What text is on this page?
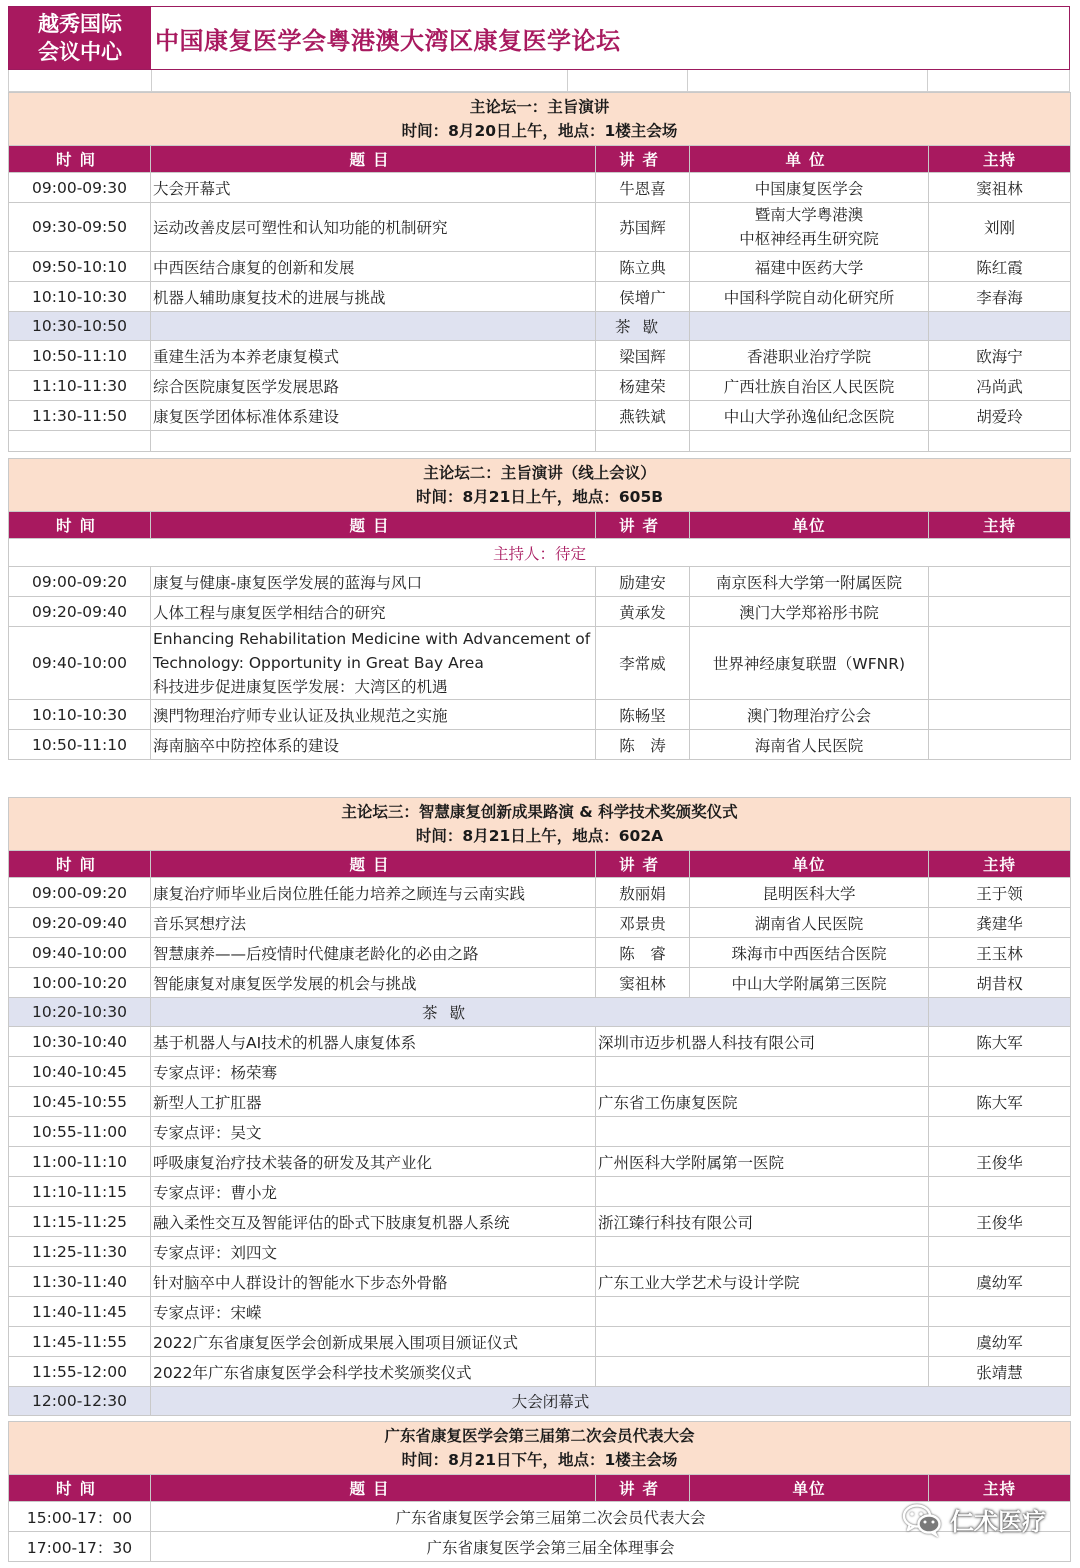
越秀国际
会议中心 中国康复医学会粤港澳大湾区康复医学论坛
主论坛一：主旨演讲
时间：8月20日上午，地点：1楼主会场				

时间	题目	讲者	单位	主持
09:00-09:30	大会开幕式	牛恩喜	中国康复医学会	窦祖林
09:30-09:50	运动改善皮层可塑性和认知功能的机制研究	苏国辉	暨南大学粤港澳
中枢神经再生研究院	刘刚
09:50-10:10	中西医结合康复的创新和发展	陈立典	福建中医药大学	陈红霞
10:10-10:30	机器人辅助康复技术的进展与挑战	侯增广	中国科学院自动化研究所	李春海
10:30-10:50		茶歇		
10:50-11:10	重建生活为本养老康复模式	梁国辉	香港职业治疗学院	欧海宁
11:10-11:30	综合医院康复医学发展思路	杨建荣	广西壮族自治区人民医院	冯尚武
11:30-11:50	康复医学团体标准体系建设	燕铁斌	中山大学孙逸仙纪念医院	胡爱玲

主论坛二：主旨演讲（线上会议）
时间：8月21日上午，地点：605B				

时间	题目	讲者	单位	主持
主持人：待定				
09:00-09:20	康复与健康-康复医学发展的蓝海与风口	励建安	南京医科大学第一附属医院	
09:20-09:40	人体工程与康复医学相结合的研究	黄承发	澳门大学郑裕彤书院	
09:40-10:00	Enhancing Rehabilitation Medicine with Advancement of Technology: Opportunity in Great Bay Area
科技进步促进康复医学发展：大湾区的机遇	李常威	世界神经康复联盟（WFNR)	
10:10-10:30	澳門物理治疗师专业认证及执业规范之实施	陈畅坚	澳门物理治疗公会	
10:50-11:10	海南脑卒中防控体系的建设	陈　涛	海南省人民医院	
主论坛三：智慧康复创新成果路演 & 科学技术奖颁奖仪式
时间：8月21日上午，地点：602A				

时间	题目	讲者	单位	主持
09:00-09:20	康复治疗师毕业后岗位胜任能力培养之顾连与云南实践	敖丽娟	昆明医科大学	王于领
09:20-09:40	音乐冥想疗法	邓景贵	湖南省人民医院	龚建华
09:40-10:00	智慧康养——后疫情时代健康老龄化的必由之路	陈　睿	珠海市中西医结合医院	王玉林
10:00-10:20	智能康复对康复医学发展的机会与挑战	窦祖林	中山大学附属第三医院	胡昔权
10:20-10:30	茶歇			
10:30-10:40	基于机器人与AI技术的机器人康复体系	深圳市迈步机器人科技有限公司		陈大军
10:40-10:45	专家点评：杨荣骞		
10:45-10:55	新型人工扩肛器	广东省工伤康复医院		陈大军
10:55-11:00	专家点评：吴文		
11:00-11:10	呼吸康复治疗技术装备的研发及其产业化	广州医科大学附属第一医院		王俊华
11:10-11:15	专家点评：曹小龙		
11:15-11:25	融入柔性交互及智能评估的卧式下肢康复机器人系统	浙江臻行科技有限公司		王俊华
11:25-11:30	专家点评：刘四文		
11:30-11:40	针对脑卒中人群设计的智能水下步态外骨骼	广东工业大学艺术与设计学院		虞幼军
11:40-11:45	专家点评：宋嵘		
11:45-11:55	2022广东省康复医学会创新成果展入围项目颁证仪式			虞幼军
11:55-12:00	2022年广东省康复医学会科学技术奖颁奖仪式			张靖慧
12:00-12:30	大会闭幕式			
广东省康复医学会第三届第二次会员代表大会
时间：8月21日下午，地点：1楼主会场				

时间	题目	讲者	单位	主持
15:00-17：00	广东省康复医学会第三届第二次会员代表大会			
17:00-17：30	广东省康复医学会第三届全体理事会			
仁术医疗
